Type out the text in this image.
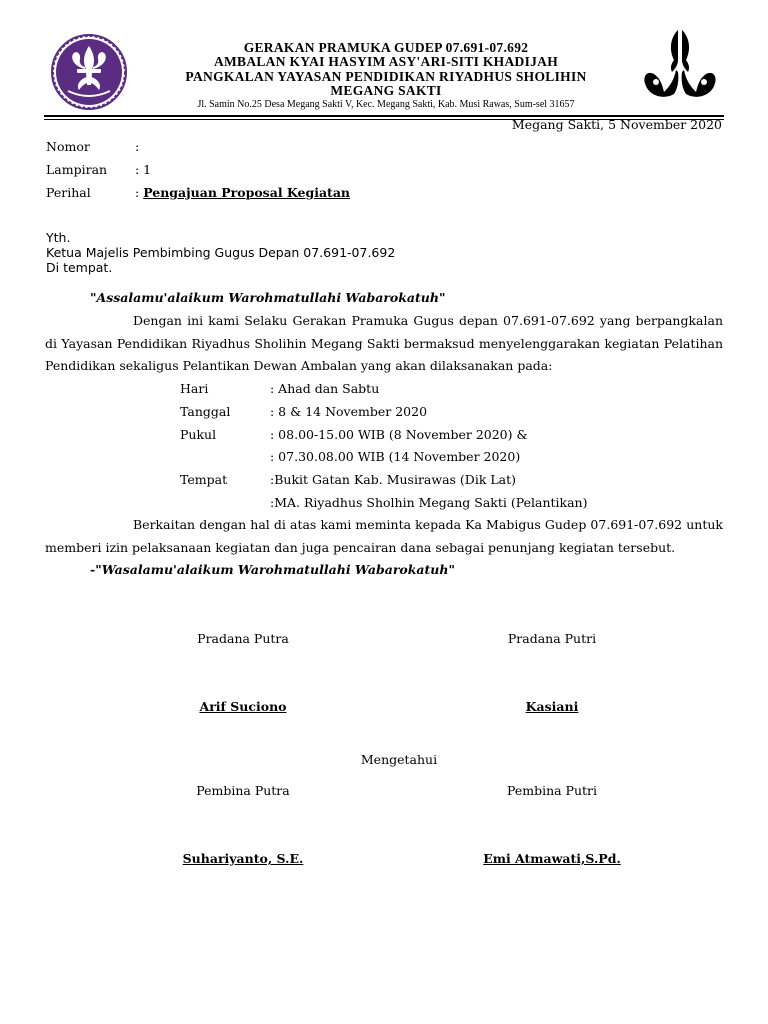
GERAKAN PRAMUKA GUDEP 07.691-07.692
AMBALAN KYAI HASYIM ASY'ARI-SITI KHADIJAH
PANGKALAN YAYASAN PENDIDIKAN RIYADHUS SHOLIHIN
MEGANG SAKTI
Jl. Samin No.25 Desa Megang Sakti V, Kec. Megang Sakti, Kab. Musi Rawas, Sum-sel 31657
Megang Sakti, 5 November 2020
Nomor	:
Lampiran : 1
Perihal	: Pengajuan Proposal Kegiatan
Yth.
Ketua Majelis Pembimbing Gugus Depan 07.691-07.692
Di tempat.
"Assalamu'alaikum Warohmatullahi Wabarokatuh"
Dengan ini kami Selaku Gerakan Pramuka Gugus depan 07.691-07.692 yang berpangkalan di Yayasan Pendidikan Riyadhus Sholihin Megang Sakti bermaksud menyelenggarakan kegiatan Pelatihan Pendidikan sekaligus Pelantikan Dewan Ambalan yang akan dilaksanakan pada:
Hari	: Ahad dan Sabtu
Tanggal	: 8 & 14 November 2020
Pukul	: 08.00-15.00 WIB (8 November 2020) &
: 07.30.08.00 WIB (14 November 2020)
Tempat	:Bukit Gatan Kab. Musirawas (Dik Lat)
:MA. Riyadhus Sholhin Megang Sakti (Pelantikan)
Berkaitan dengan hal di atas kami meminta kepada Ka Mabigus Gudep 07.691-07.692 untuk memberi izin pelaksanaan kegiatan dan juga pencairan dana sebagai penunjang kegiatan tersebut.
-"Wasalamu'alaikum Warohmatullahi Wabarokatuh"
Pradana Putra	Pradana Putri
Arif Suciono	Kasiani
Mengetahui
Pembina Putra	Pembina Putri
Suhariyanto, S.E.	Emi Atmawati,S.Pd.
